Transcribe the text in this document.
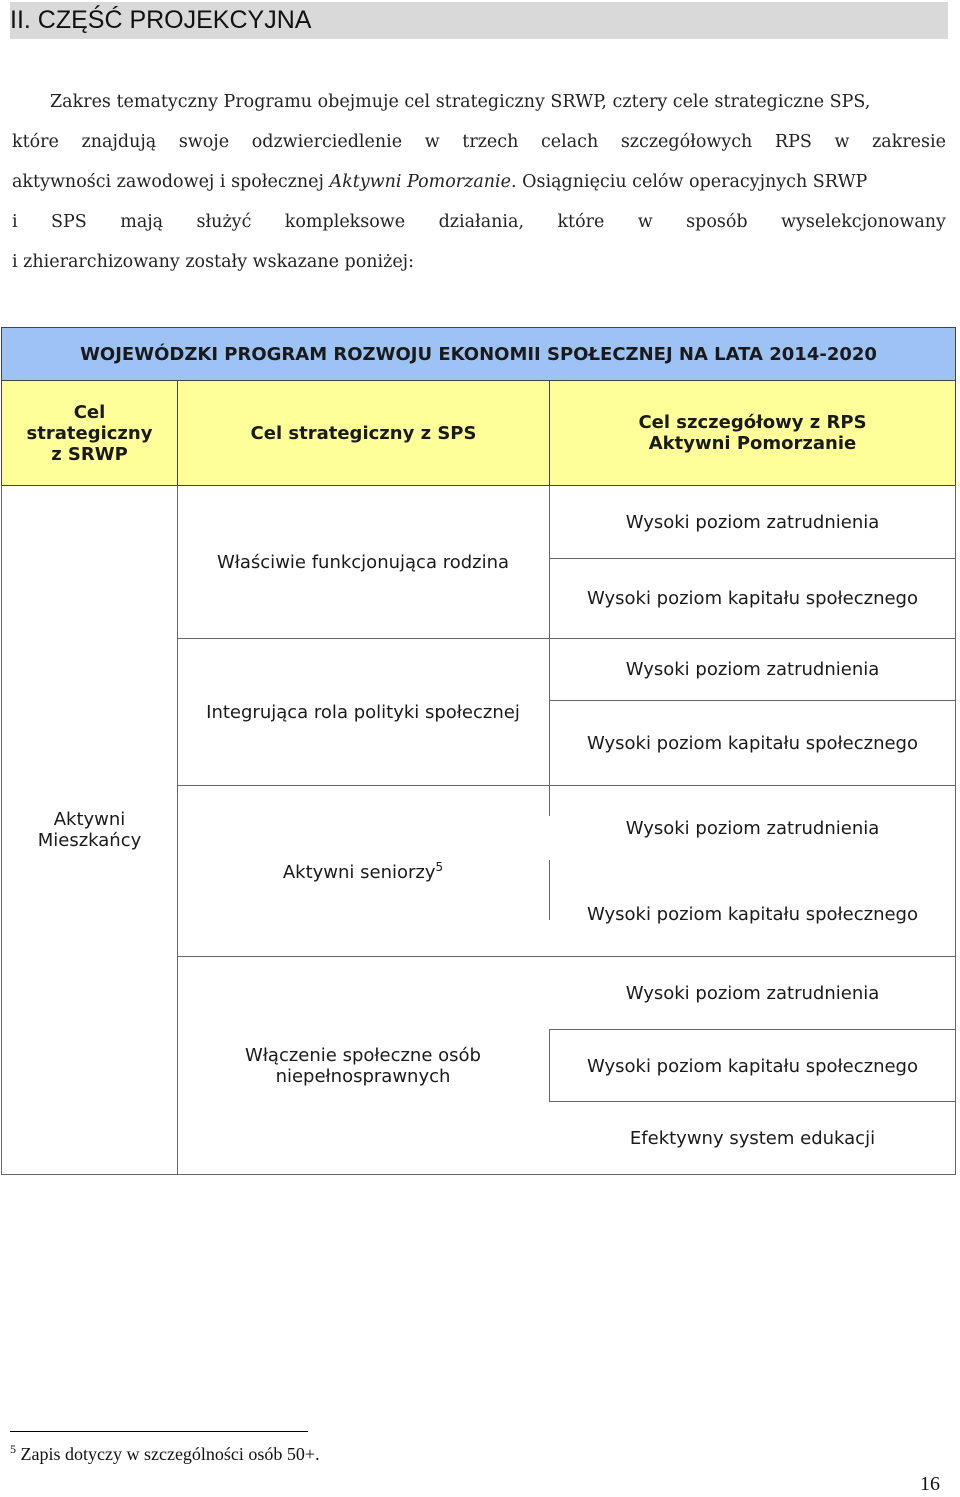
II. CZĘŚĆ PROJEKCYJNA
Zakres tematyczny Programu obejmuje cel strategiczny SRWP, cztery cele strategiczne SPS,
które znajdują swoje odzwierciedlenie w trzech celach szczegółowych RPS w zakresie
aktywności zawodowej i społecznej Aktywni Pomorzanie. Osiągnięciu celów operacyjnych SRWP
i SPS mają służyć kompleksowe działania, które w sposób wyselekcjonowany
i zhierarchizowany zostały wskazane poniżej:
WOJEWÓDZKI PROGRAM ROZWOJU EKONOMII SPOŁECZNEJ NA LATA 2014-2020
Cel
strategiczny
z SRWP
Cel strategiczny z SPS	Cel szczegółowy z RPS
Aktywni Pomorzanie
Aktywni
Mieszkańcy
Właściwie funkcjonująca rodzina
Wysoki poziom zatrudnienia
Wysoki poziom kapitału społecznego
Integrująca rola polityki społecznej
Wysoki poziom zatrudnienia
Wysoki poziom kapitału społecznego
Aktywni seniorzy$^5$
Wysoki poziom zatrudnienia
Wysoki poziom kapitału społecznego
Włączenie społeczne osób
niepełnosprawnych
Wysoki poziom zatrudnienia
Wysoki poziom kapitału społecznego
Efektywny system edukacji
$^5$ Zapis dotyczy w szczególności osób 50+.
16
